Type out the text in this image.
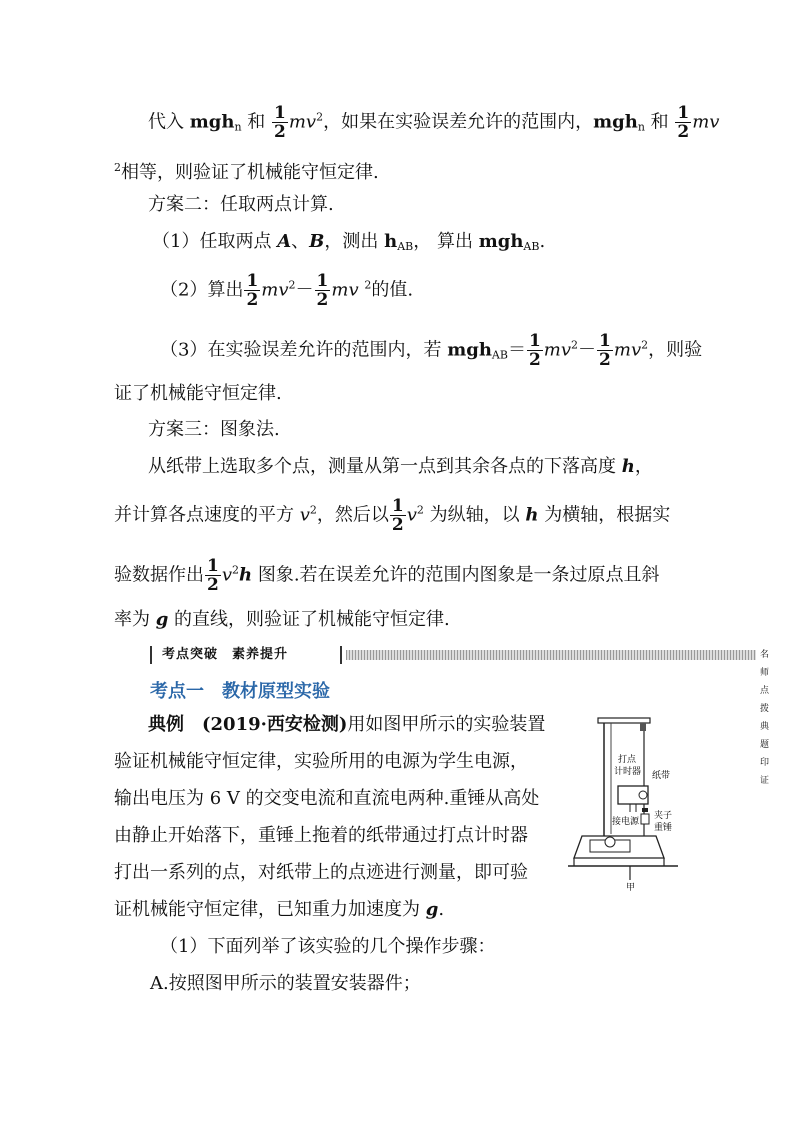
代入 mgh$_n$ 和 $\frac{1}{2} mv^2$，如果在实验误差允许的范围内，mgh$_n$ 和 $\frac{1}{2}$ mv
$^2$相等，则验证了机械能守恒定律.
方案二：任取两点计算.
（1）任取两点 A、B，测出 $h_{AB}$， 算出 mgh$_{AB}$.
（2）算出 $\frac{1}{2} mv^2- \frac{1}{2}$ mv $^2$的值.
（3）在实验误差允许的范围内，若 $mgh_{AB}= \frac{1}{2} mv^2- \frac{1}{2} mv^2$，则验
证了机械能守恒定律.
方案三：图象法.
从纸带上选取多个点，测量从第一点到其余各点的下落高度 h，
并计算各点速度的平方 $v^2$，然后以 $\frac{1}{2} v^2$ 为纵轴，以 h 为横轴，根据实
验数据作出 $\frac{1}{2} v^2h$ 图象.若在误差允许的范围内图象是一条过原点且斜
率为 g 的直线，则验证了机械能守恒定律.
考点突破　素养提升	名师点拨 典题印证
考点一　教材原型实验
典例　(2019·西安检测)用如图甲所示的实验装置
验证机械能守恒定律，实验所用的电源为学生电源，
输出电压为 6 V 的交变电流和直流电两种.重锤从高处
由静止开始落下，重锤上拖着的纸带通过打点计时器
打出一系列的点，对纸带上的点迹进行测量，即可验
证机械能守恒定律，已知重力加速度为 g.
（1）下面列举了该实验的几个操作步骤：
A.按照图甲所示的装置安装器件；
打点
计时器 纸带
接电源
夹子
重锤
甲
